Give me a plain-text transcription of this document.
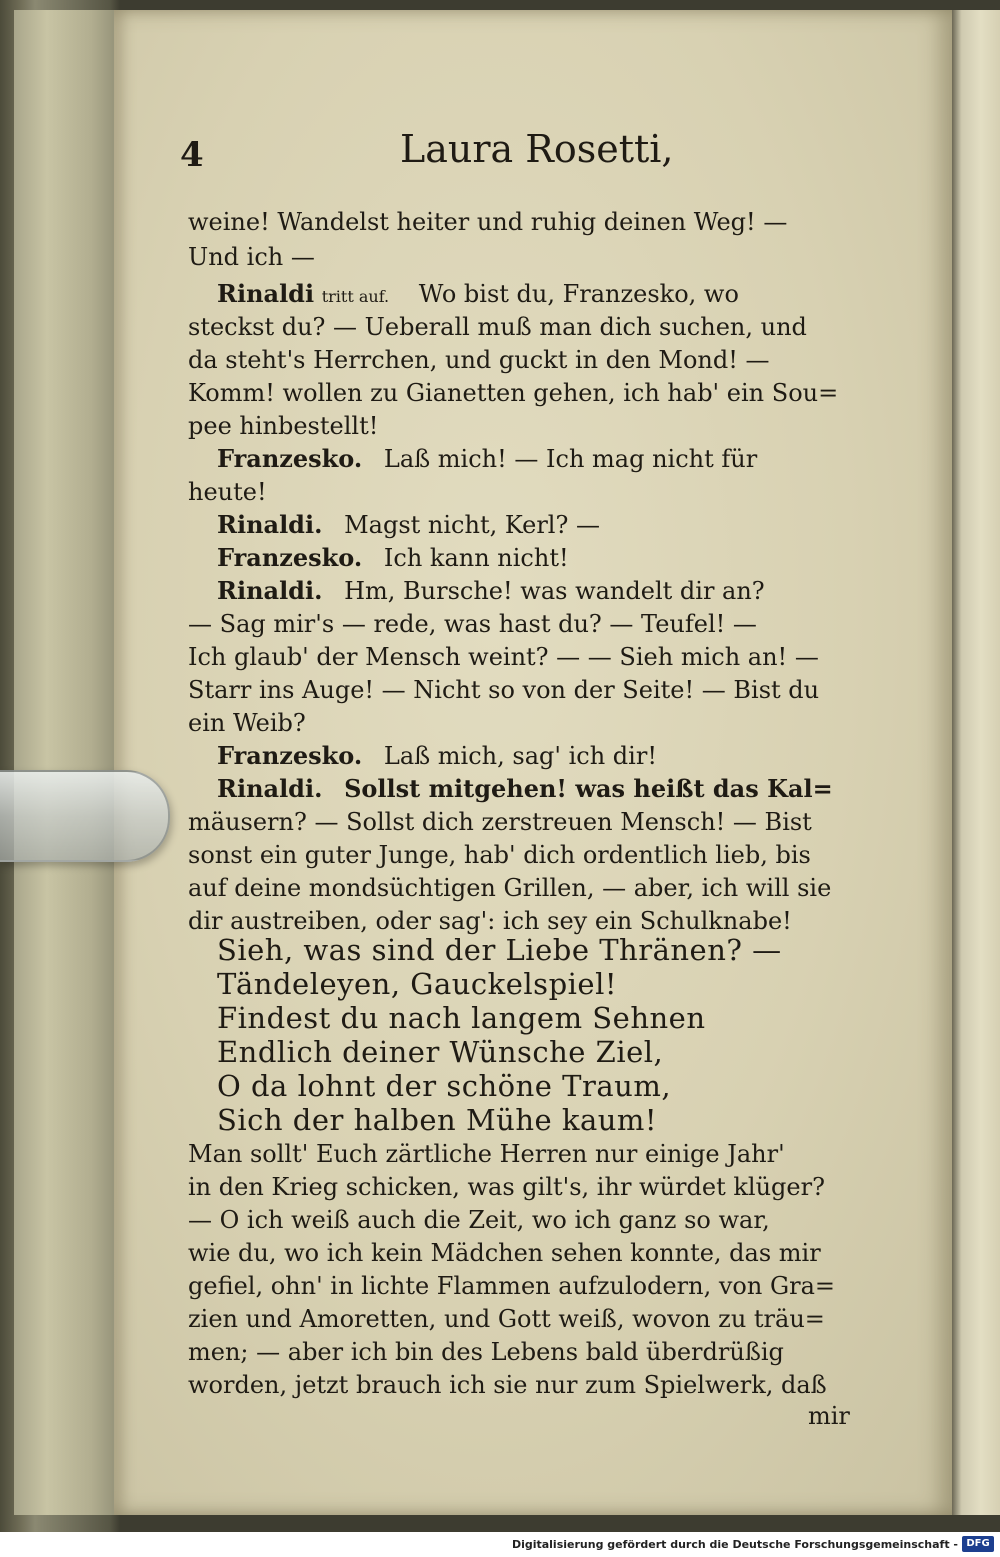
4	Laura Rosetti,
weine! Wandelst heiter und ruhig deinen Weg! —
Und ich —
Rinaldi tritt auf. Wo bist du, Franzesko, wo
steckst du? — Ueberall muß man dich suchen, und
da steht's Herrchen, und guckt in den Mond! —
Komm! wollen zu Gianetten gehen, ich hab' ein Sou=
pee hinbestellt!
Franzesko. Laß mich! — Ich mag nicht für
heute!
Rinaldi. Magst nicht, Kerl? —
Franzesko. Ich kann nicht!
Rinaldi. Hm, Bursche! was wandelt dir an?
— Sag mir's — rede, was hast du? — Teufel! —
Ich glaub' der Mensch weint? — — Sieh mich an! —
Starr ins Auge! — Nicht so von der Seite! — Bist du
ein Weib?
Franzesko. Laß mich, sag' ich dir!
Rinaldi. Sollst mitgehen! was heißt das Kal=
mäusern? — Sollst dich zerstreuen Mensch! — Bist
sonst ein guter Junge, hab' dich ordentlich lieb, bis
auf deine mondsüchtigen Grillen, — aber, ich will sie
dir austreiben, oder sag': ich sey ein Schulknabe!
Sieh, was sind der Liebe Thränen? —
Tändeleyen, Gauckelspiel!
Findest du nach langem Sehnen
Endlich deiner Wünsche Ziel,
O da lohnt der schöne Traum,
Sich der halben Mühe kaum!
Man sollt' Euch zärtliche Herren nur einige Jahr'
in den Krieg schicken, was gilt's, ihr würdet klüger?
— O ich weiß auch die Zeit, wo ich ganz so war,
wie du, wo ich kein Mädchen sehen konnte, das mir
gefiel, ohn' in lichte Flammen aufzulodern, von Gra=
zien und Amoretten, und Gott weiß, wovon zu träu=
men; — aber ich bin des Lebens bald überdrüßig
worden, jetzt brauch ich sie nur zum Spielwerk, daß
mir
Digitalisierung gefördert durch die Deutsche Forschungsgemeinschaft - DFG
